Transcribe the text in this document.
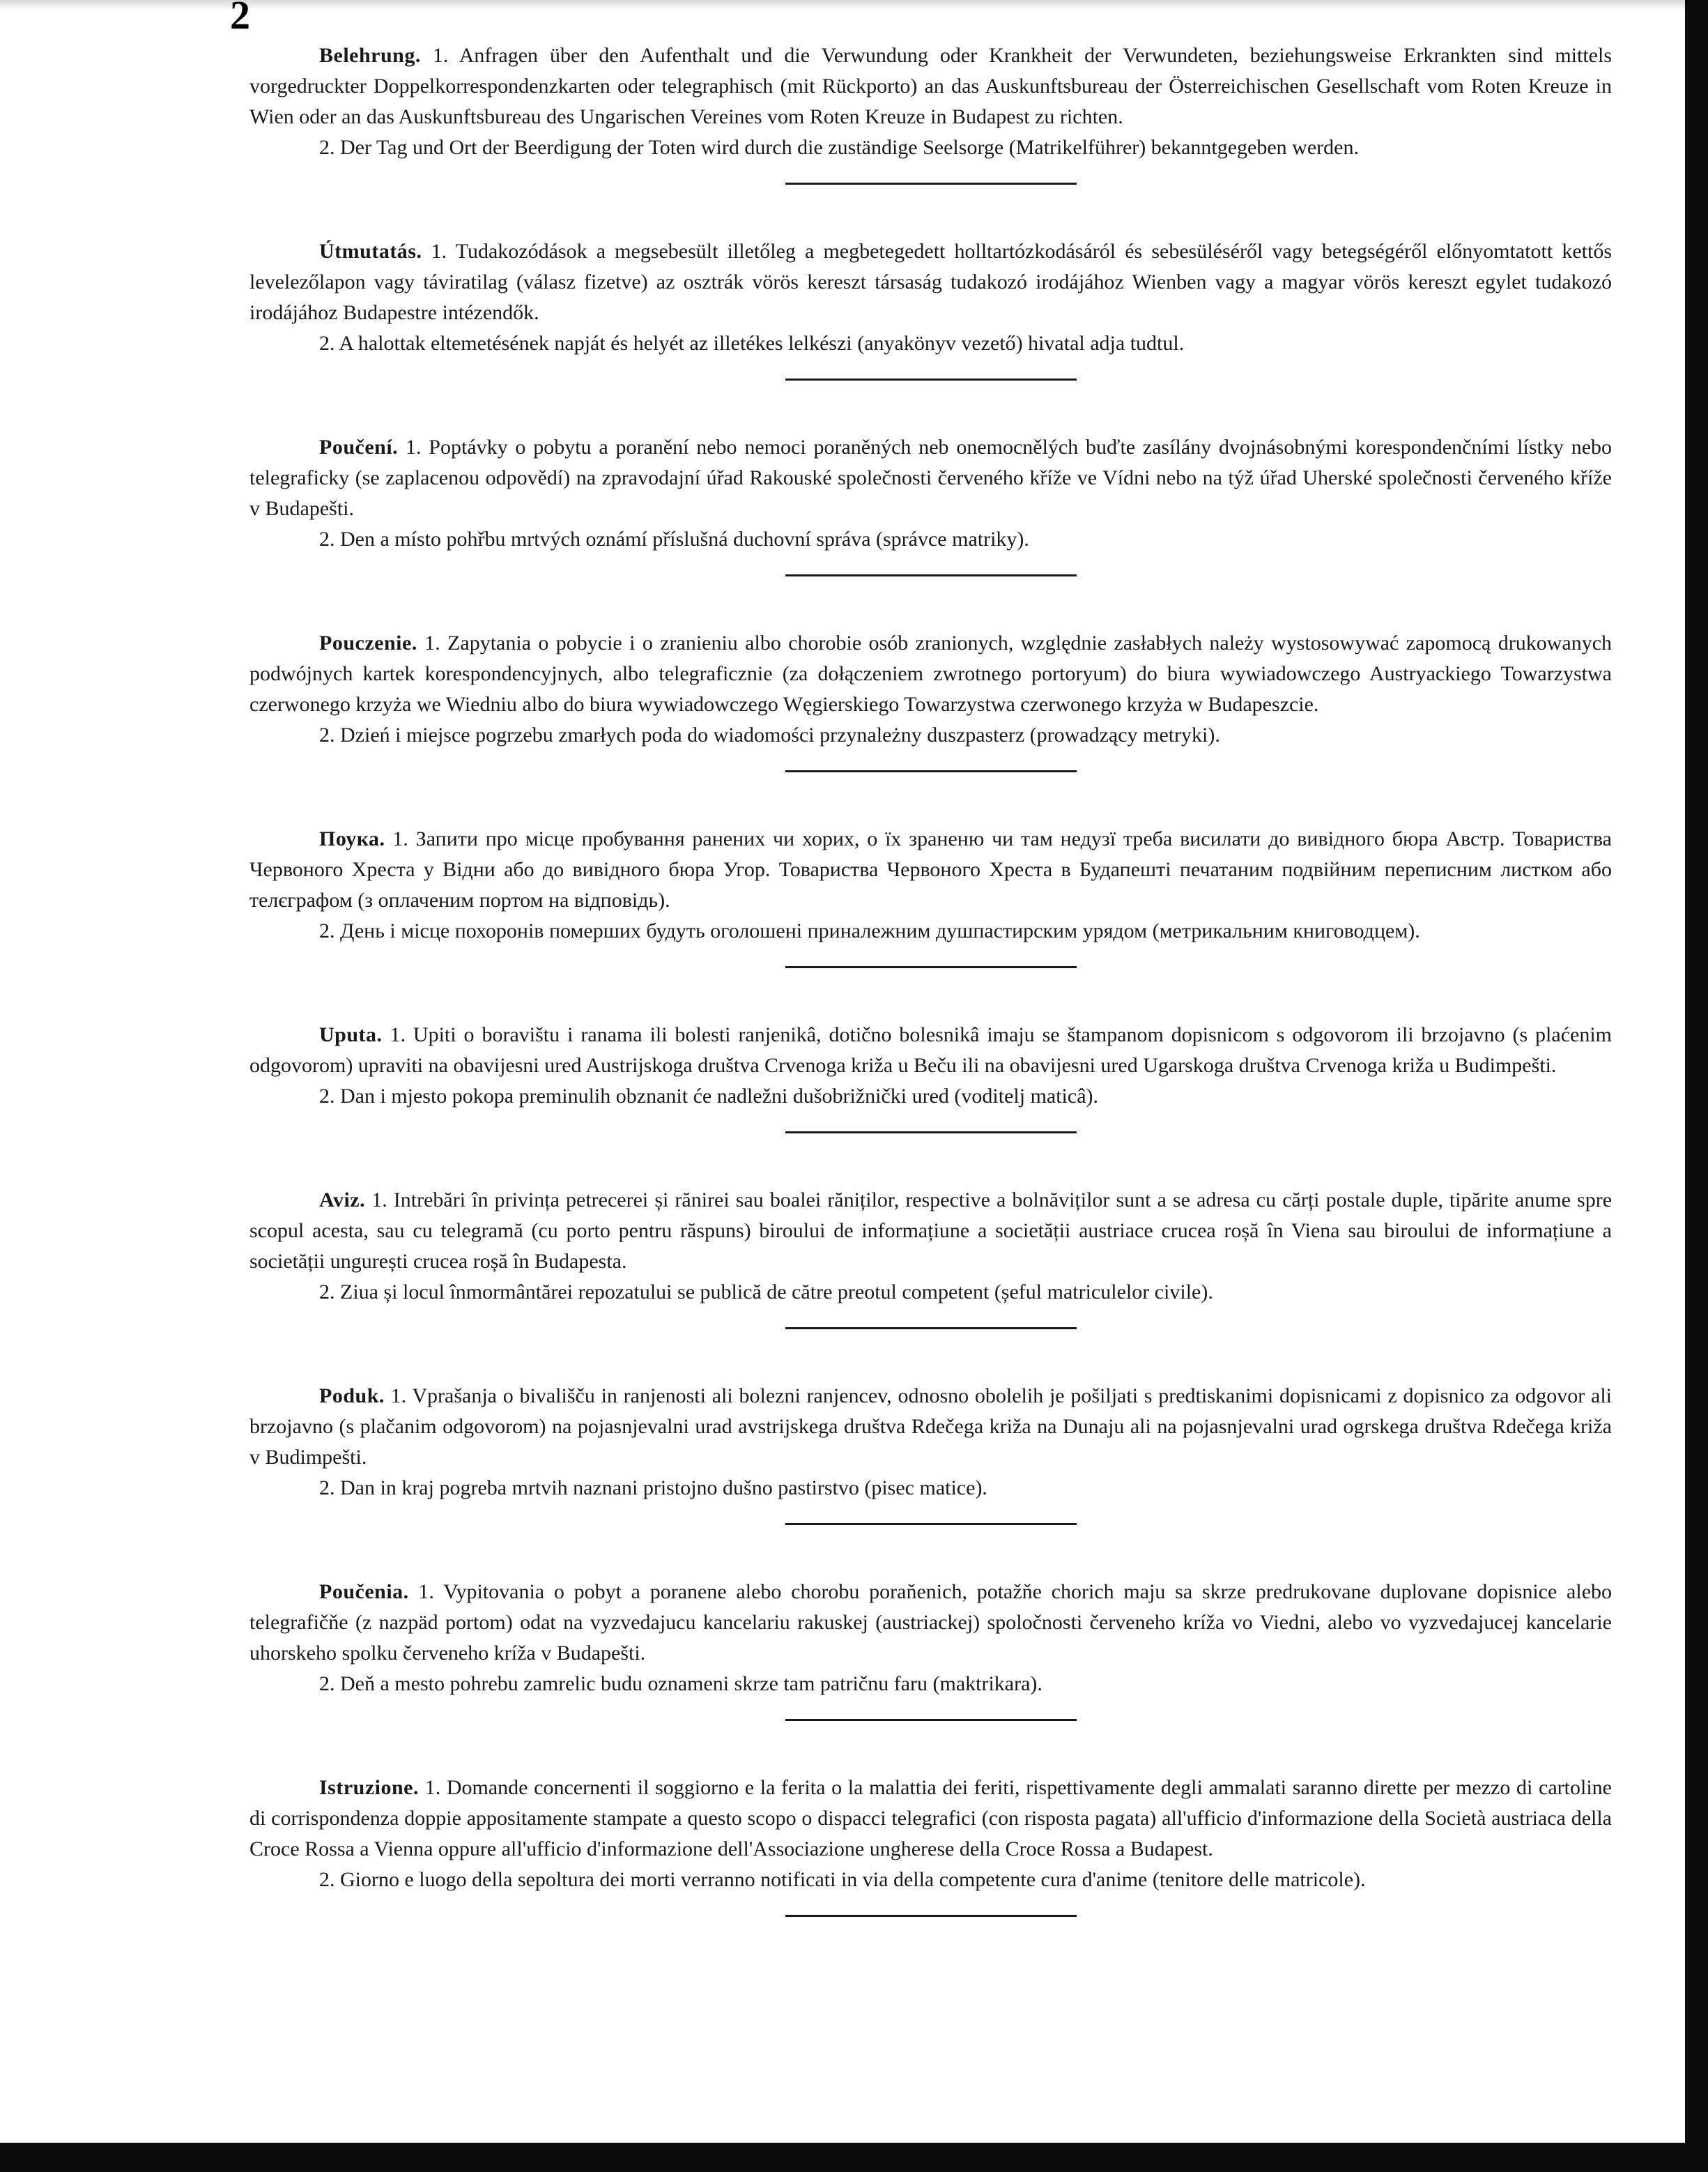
2

Belehrung. 1. Anfragen über den Aufenthalt und die Verwundung oder Krankheit der Verwundeten, beziehungsweise Erkrankten sind mittels vorgedruckter Doppelkorrespondenzkarten oder telegraphisch (mit Rückporto) an das Auskunftsbureau der Österreichischen Gesellschaft vom Roten Kreuze in Wien oder an das Auskunftsbureau des Ungarischen Vereines vom Roten Kreuze in Budapest zu richten.

2. Der Tag und Ort der Beerdigung der Toten wird durch die zuständige Seelsorge (Matrikelführer) bekanntgegeben werden.

Útmutatás. 1. Tudakozódások a megsebesült illetőleg a megbetegedett holltartózkodásáról és sebesüléséről vagy betegségéről előnyomtatott kettős levelezőlapon vagy táviratilag (válasz fizetve) az osztrák vörös kereszt társaság tudakozó irodájához Wienben vagy a magyar vörös kereszt egylet tudakozó irodájához Budapestre intézendők.

2. A halottak eltemetésének napját és helyét az illetékes lelkészi (anyakönyv vezető) hivatal adja tudtul.

Poučení. 1. Poptávky o pobytu a poranění nebo nemoci poraněných neb onemocnělých buďte zasílány dvojnásobnými korespondenčními lístky nebo telegraficky (se zaplacenou odpovědí) na zpravodajní úřad Rakouské společnosti červeného kříže ve Vídni nebo na týž úřad Uherské společnosti červeného kříže v Budapešti.

2. Den a místo pohřbu mrtvých oznámí příslušná duchovní správa (správce matriky).

Pouczenie. 1. Zapytania o pobycie i o zranieniu albo chorobie osób zranionych, względnie zasłabłych należy wystosowywać zapomocą drukowanych podwójnych kartek korespondencyjnych, albo telegraficznie (za dołączeniem zwrotnego portoryum) do biura wywiadowczego Austryackiego Towarzystwa czerwonego krzyża we Wiedniu albo do biura wywiadowczego Węgierskiego Towarzystwa czerwonego krzyża w Budapeszcie.

2. Dzień i miejsce pogrzebu zmarłych poda do wiadomości przynależny duszpasterz (prowadzący metryki).

Поука. 1. Запити про місце пробування ранених чи хорих, о їх зраненю чи там недузї треба висилати до вивідного бюра Австр. Товариства Червоного Хреста у Відни або до вивідного бюра Угор. Товариства Червоного Хреста в Будапешті печатаним подвійним переписним листком або телєграфом (з оплаченим портом на відповідь).

2. День і місце похоронів померших будуть оголошені приналежним душпастирским урядом (метрикальним книговодцем).

Uputa. 1. Upiti o boravištu i ranama ili bolesti ranjenikâ, dotično bolesnikâ imaju se štampanom dopisnicom s odgovorom ili brzojavno (s plaćenim odgovorom) upraviti na obavijesni ured Austrijskoga društva Crvenoga križa u Beču ili na obavijesni ured Ugarskoga društva Crvenoga križa u Budimpešti.

2. Dan i mjesto pokopa preminulih obznanit će nadležni dušobrižnički ured (voditelj maticâ).

Aviz. 1. Intrebări în privința petrecerei și rănirei sau boalei răniților, respective a bolnăviților sunt a se adresa cu cărți postale duple, tipărite anume spre scopul acesta, sau cu telegramă (cu porto pentru răspuns) biroului de informațiune a societății austriace crucea roșă în Viena sau biroului de informațiune a societății ungurești crucea roșă în Budapesta.

2. Ziua și locul înmormântărei repozatului se publică de către preotul competent (șeful matriculelor civile).

Poduk. 1. Vprašanja o bivališču in ranjenosti ali bolezni ranjencev, odnosno obolelih je pošiljati s predtiskanimi dopisnicami z dopisnico za odgovor ali brzojavno (s plačanim odgovorom) na pojasnjevalni urad avstrijskega društva Rdečega križa na Dunaju ali na pojasnjevalni urad ogrskega društva Rdečega križa v Budimpešti.

2. Dan in kraj pogreba mrtvih naznani pristojno dušno pastirstvo (pisec matice).

Poučenia. 1. Vypitovania o pobyt a poranene alebo chorobu poraňenich, potažňe chorich maju sa skrze predrukovane duplovane dopisnice alebo telegrafičňe (z nazpäd portom) odat na vyzvedajucu kancelariu rakuskej (austriackej) spoločnosti červeneho kríža vo Viedni, alebo vo vyzvedajucej kancelarie uhorskeho spolku červeneho kríža v Budapešti.

2. Deň a mesto pohrebu zamrelic budu oznameni skrze tam patričnu faru (maktrikara).

Istruzione. 1. Domande concernenti il soggiorno e la ferita o la malattia dei feriti, rispettivamente degli ammalati saranno dirette per mezzo di cartoline di corrispondenza doppie appositamente stampate a questo scopo o dispacci telegrafici (con risposta pagata) all'ufficio d'informazione della Società austriaca della Croce Rossa a Vienna oppure all'ufficio d'informazione dell'Associazione ungherese della Croce Rossa a Budapest.

2. Giorno e luogo della sepoltura dei morti verranno notificati in via della competente cura d'anime (tenitore delle matricole).
